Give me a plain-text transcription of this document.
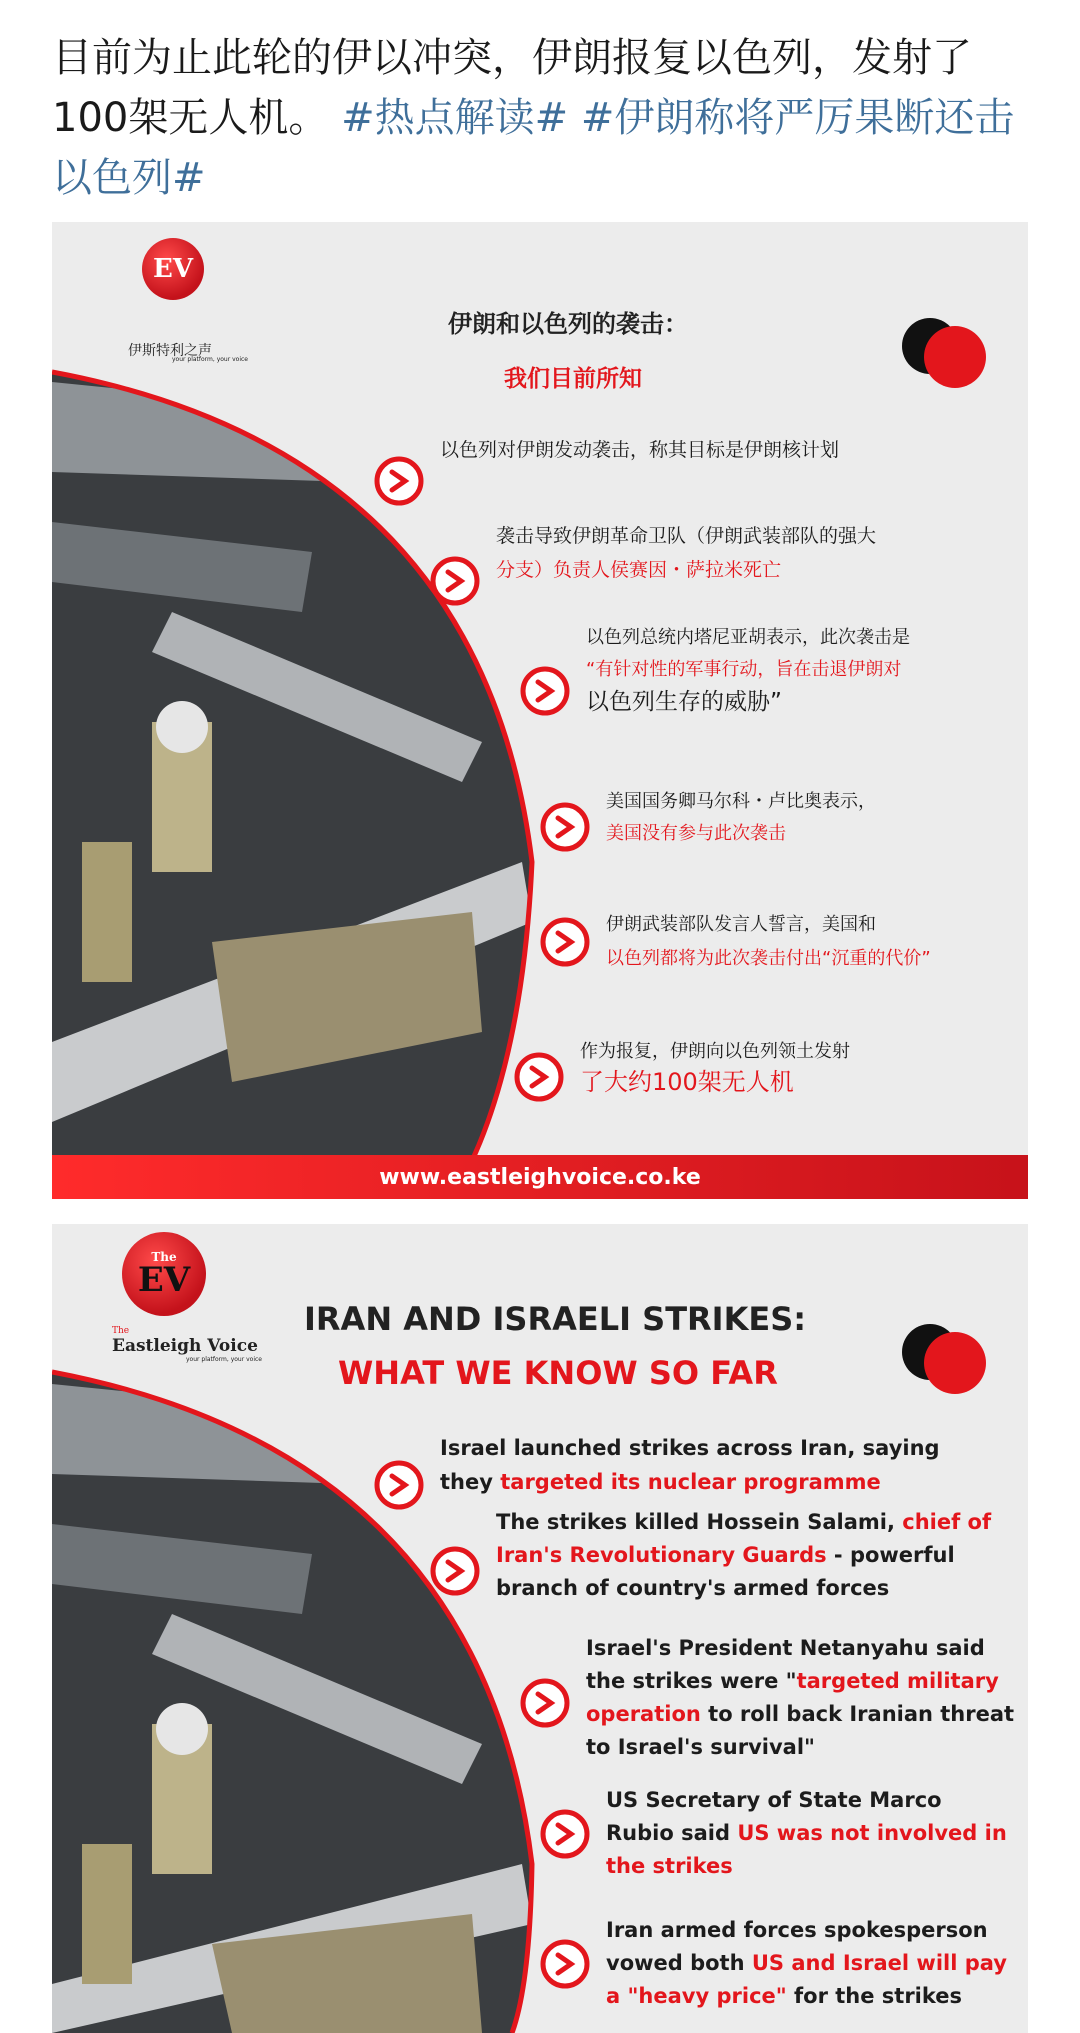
目前为止此轮的伊以冲突，伊朗报复以色列，发射了100架无人机。 #热点解读# #伊朗称将严厉果断还击以色列#
EV
伊斯特利之声
your platform, your voice
伊朗和以色列的袭击：
我们目前所知
以色列对伊朗发动袭击，称其目标是伊朗核计划
袭击导致伊朗革命卫队（伊朗武装部队的强大
分支）负责人侯赛因・萨拉米死亡
以色列总统内塔尼亚胡表示，此次袭击是
“有针对性的军事行动，旨在击退伊朗对
以色列生存的威胁”
美国国务卿马尔科・卢比奥表示，
美国没有参与此次袭击
伊朗武装部队发言人誓言，美国和
以色列都将为此次袭击付出“沉重的代价”
作为报复，伊朗向以色列领土发射
了大约100架无人机
www.eastleighvoice.co.ke
The
EV
The
Eastleigh Voice
your platform, your voice
IRAN AND ISRAELI STRIKES:
WHAT WE KNOW SO FAR
Israel launched strikes across Iran, saying they targeted its nuclear programme
The strikes killed Hossein Salami, chief of Iran's Revolutionary Guards - powerful branch of country's armed forces
Israel's President Netanyahu said the strikes were "targeted military operation to roll back Iranian threat to Israel's survival"
US Secretary of State Marco Rubio said US was not involved in the strikes
Iran armed forces spokesperson vowed both US and Israel will pay a "heavy price" for the strikes
